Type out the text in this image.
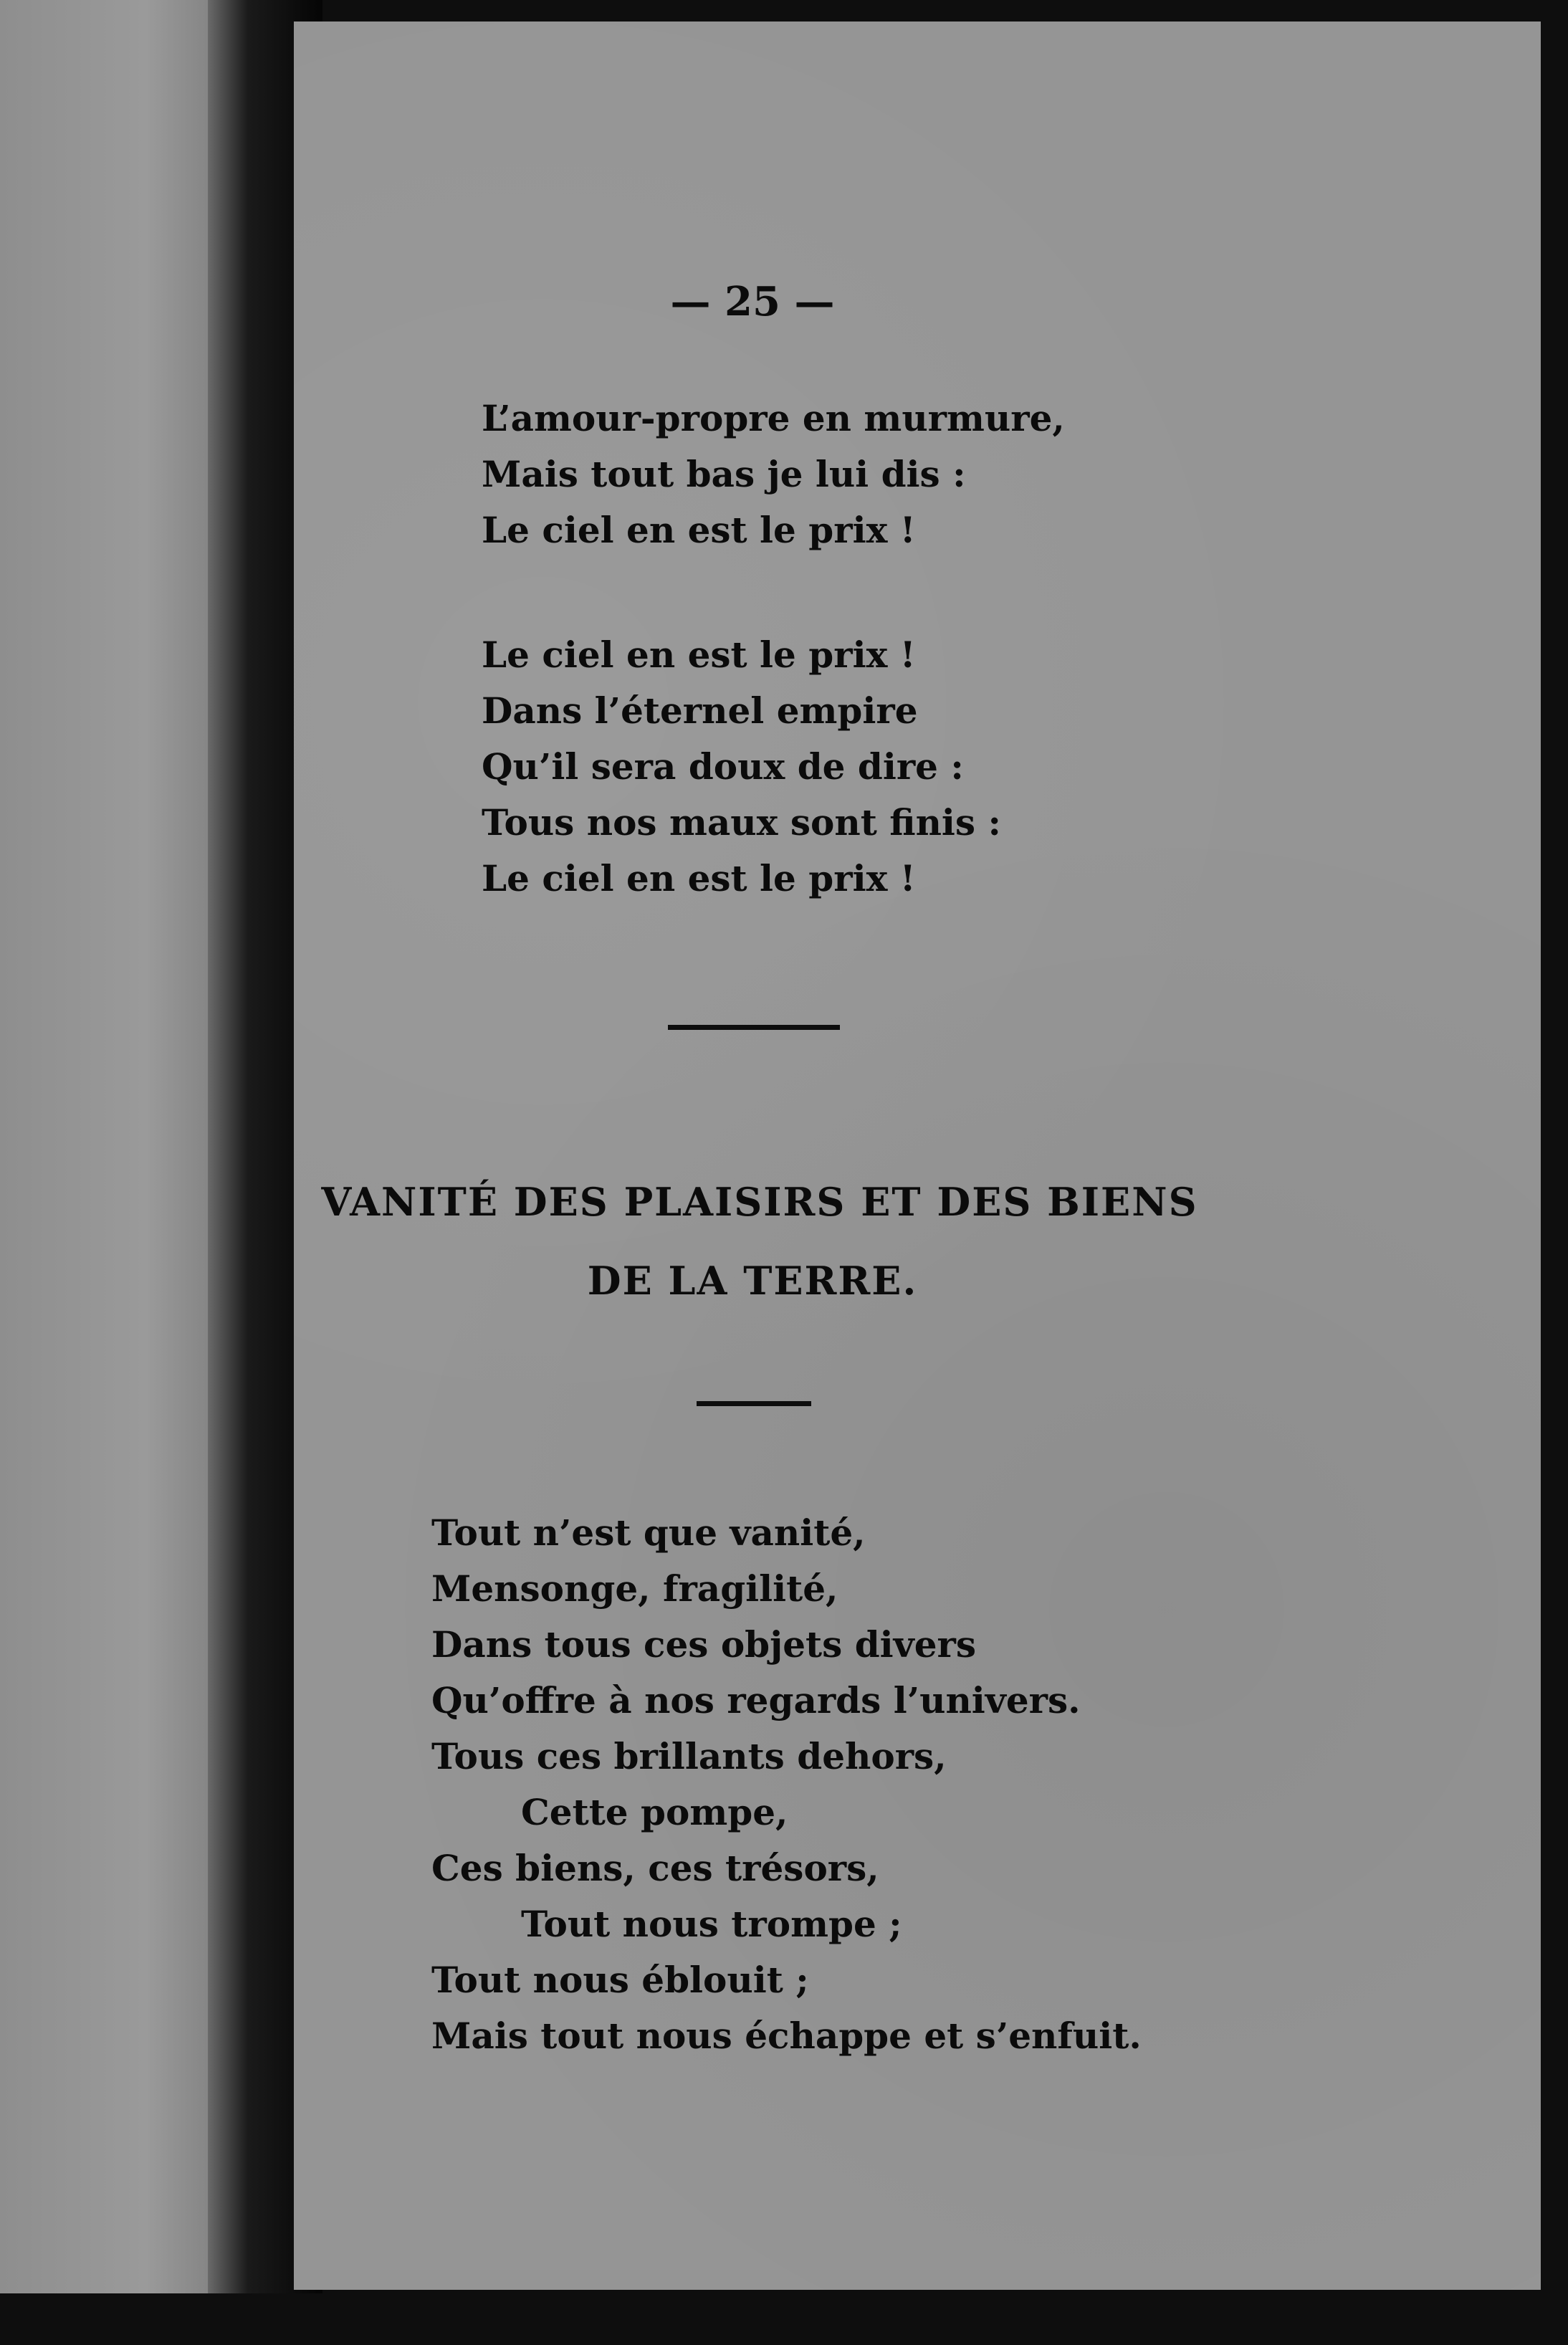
— 25 —
L’amour-propre en murmure,
Mais tout bas je lui dis :
Le ciel en est le prix !
Le ciel en est le prix !
Dans l’éternel empire
Qu’il sera doux de dire :
Tous nos maux sont finis :
Le ciel en est le prix !
VANITÉ DES PLAISIRS ET DES BIENS
DE LA TERRE.
Tout n’est que vanité,
Mensonge, fragilité,
Dans tous ces objets divers
Qu’offre à nos regards l’univers.
Tous ces brillants dehors,
Cette pompe,
Ces biens, ces trésors,
Tout nous trompe ;
Tout nous éblouit ;
Mais tout nous échappe et s’enfuit.
